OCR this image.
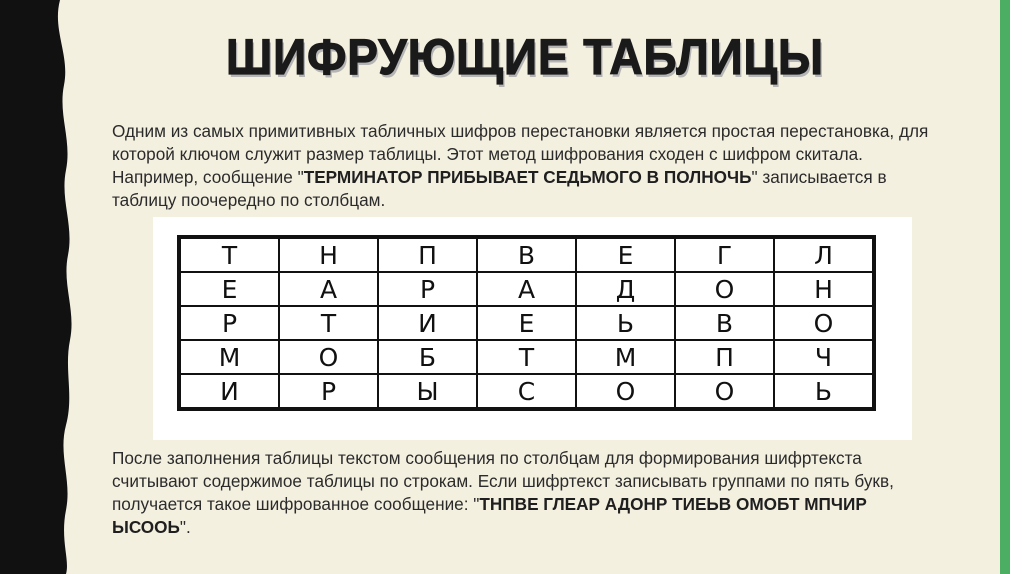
ШИФРУЮЩИЕ ТАБЛИЦЫ
Одним из самых примитивных табличных шифров перестановки является простая перестановка, для которой ключом служит размер таблицы. Этот метод шифрования сходен с шифром скитала. Например, сообщение "ТЕРМИНАТОР ПРИБЫВАЕТ СЕДЬМОГО В ПОЛНОЧЬ" записывается в таблицу поочередно по столбцам.
Т	Н	П	В	Е	Г	Л
Е	А	Р	А	Д	О	Н
Р	Т	И	Е	Ь	В	О
М	О	Б	Т	М	П	Ч
И	Р	Ы	С	О	О	Ь
После заполнения таблицы текстом сообщения по столбцам для формирования шифртекста считывают содержимое таблицы по строкам. Если шифртекст записывать группами по пять букв, получается такое шифрованное сообщение: "ТНПВЕ ГЛЕАР АДОНР ТИЕЬВ ОМОБТ МПЧИР ЫСООЬ".
